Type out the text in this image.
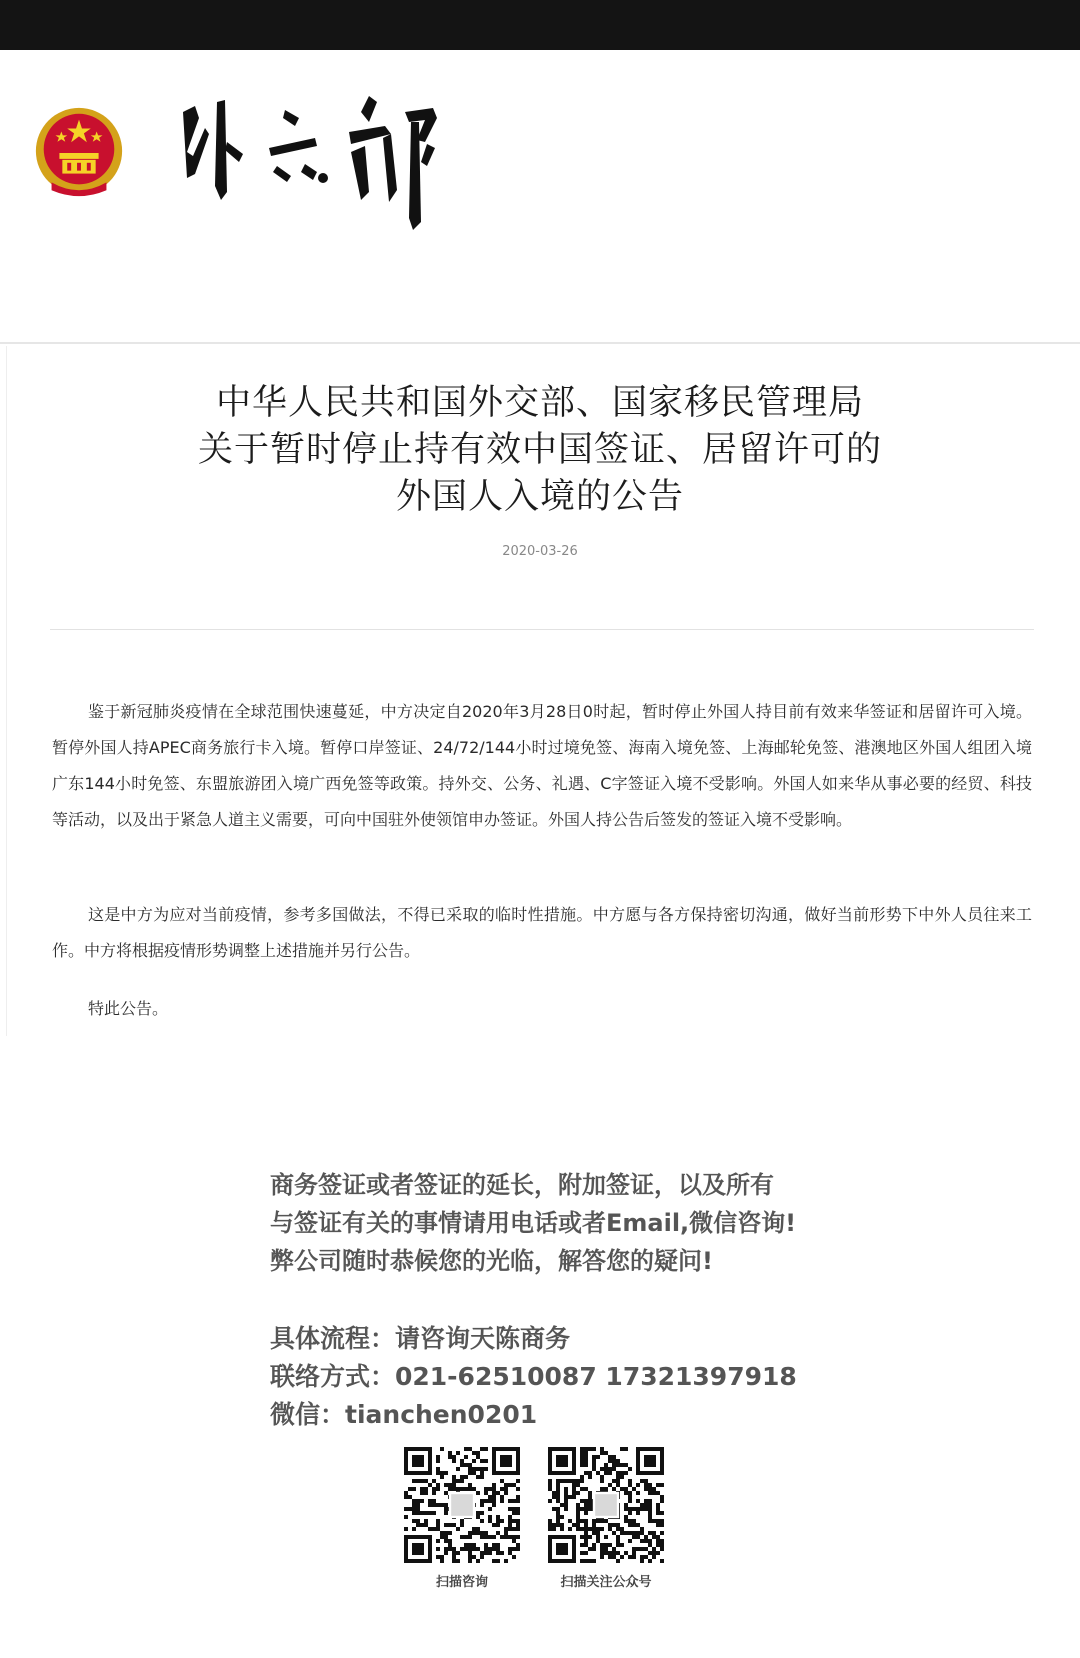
中华人民共和国外交部、国家移民管理局
关于暂时停止持有效中国签证、居留许可的
外国人入境的公告
2020-03-26

鉴于新冠肺炎疫情在全球范围快速蔓延，中方决定自2020年3月28日0时起，暂时停止外国人持目前有效来华签证和居留许可入境。暂停外国人持APEC商务旅行卡入境。暂停口岸签证、24/72/144小时过境免签、海南入境免签、上海邮轮免签、港澳地区外国人组团入境广东144小时免签、东盟旅游团入境广西免签等政策。持外交、公务、礼遇、C字签证入境不受影响。外国人如来华从事必要的经贸、科技等活动，以及出于紧急人道主义需要，可向中国驻外使领馆申办签证。外国人持公告后签发的签证入境不受影响。

这是中方为应对当前疫情，参考多国做法，不得已采取的临时性措施。中方愿与各方保持密切沟通，做好当前形势下中外人员往来工作。中方将根据疫情形势调整上述措施并另行公告。

特此公告。

商务签证或者签证的延长，附加签证，以及所有
与签证有关的事情请用电话或者Email,微信咨询!
弊公司随时恭候您的光临，解答您的疑问!
具体流程：请咨询天陈商务
联络方式：021-62510087 17321397918
微信：tianchen0201
扫描咨询	扫描关注公众号
